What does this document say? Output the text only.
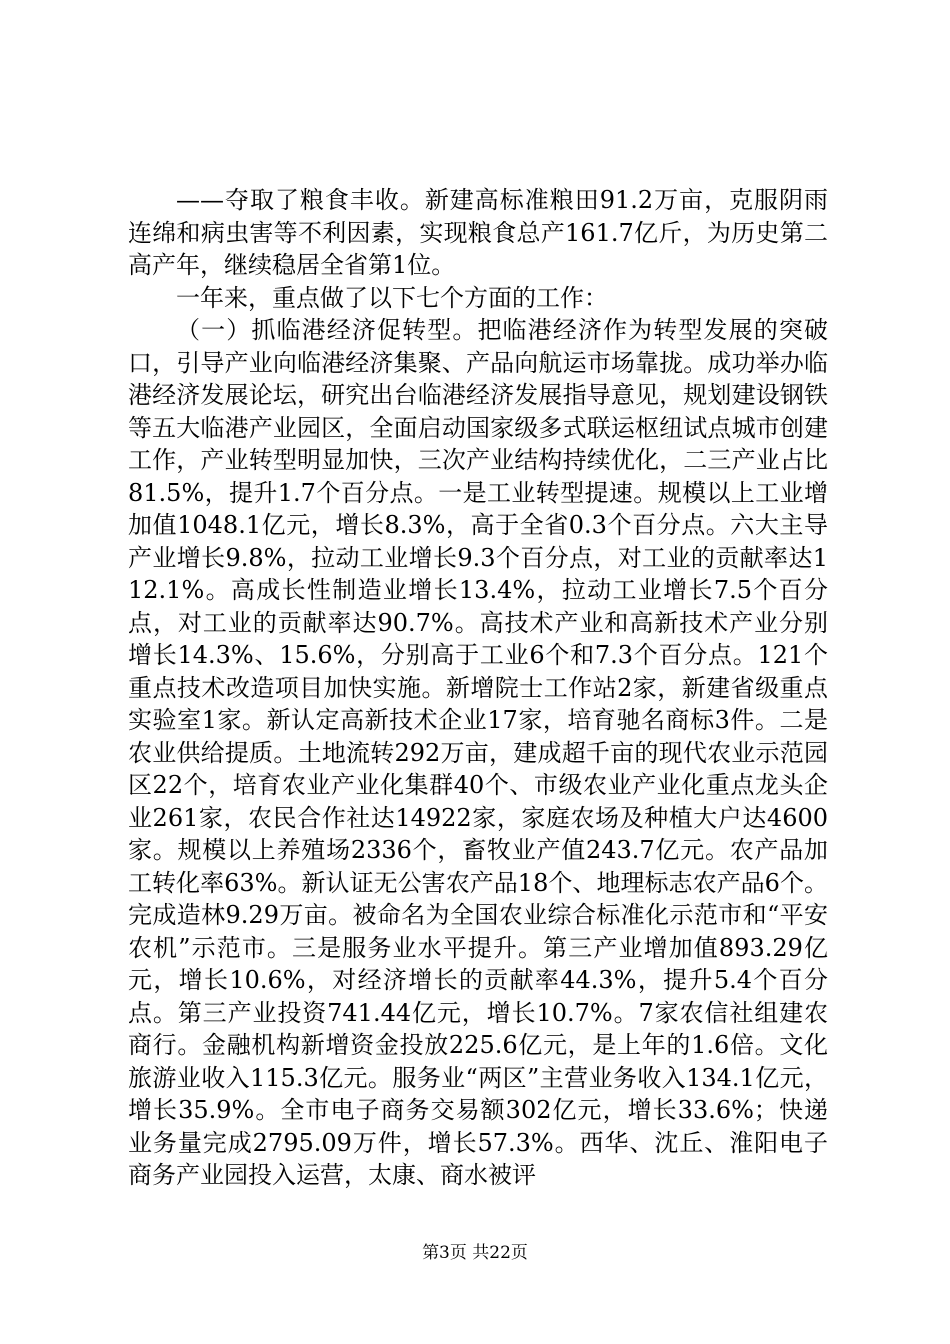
——夺取了粮食丰收。新建高标准粮田91.2万亩，克服阴雨连绵和病虫害等不利因素，实现粮食总产161.7亿斤，为历史第二高产年，继续稳居全省第1位。

一年来，重点做了以下七个方面的工作：

（一）抓临港经济促转型。把临港经济作为转型发展的突破口，引导产业向临港经济集聚、产品向航运市场靠拢。成功举办临港经济发展论坛，研究出台临港经济发展指导意见，规划建设钢铁等五大临港产业园区，全面启动国家级多式联运枢纽试点城市创建工作，产业转型明显加快，三次产业结构持续优化，二三产业占比81.5%，提升1.7个百分点。一是工业转型提速。规模以上工业增加值1048.1亿元，增长8.3%，高于全省0.3个百分点。六大主导产业增长9.8%，拉动工业增长9.3个百分点，对工业的贡献率达112.1%。高成长性制造业增长13.4%，拉动工业增长7.5个百分点，对工业的贡献率达90.7%。高技术产业和高新技术产业分别增长14.3%、15.6%，分别高于工业6个和7.3个百分点。121个重点技术改造项目加快实施。新增院士工作站2家，新建省级重点实验室1家。新认定高新技术企业17家，培育驰名商标3件。二是农业供给提质。土地流转292万亩，建成超千亩的现代农业示范园区22个，培育农业产业化集群40个、市级农业产业化重点龙头企业261家，农民合作社达14922家，家庭农场及种植大户达4600家。规模以上养殖场2336个，畜牧业产值243.7亿元。农产品加工转化率63%。新认证无公害农产品18个、地理标志农产品6个。完成造林9.29万亩。被命名为全国农业综合标准化示范市和“平安农机”示范市。三是服务业水平提升。第三产业增加值893.29亿元，增长10.6%，对经济增长的贡献率44.3%，提升5.4个百分点。第三产业投资741.44亿元，增长10.7%。7家农信社组建农商行。金融机构新增资金投放225.6亿元，是上年的1.6倍。文化旅游业收入115.3亿元。服务业“两区”主营业务收入134.1亿元，增长35.9%。全市电子商务交易额302亿元，增长33.6%；快递业务量完成2795.09万件，增长57.3%。西华、沈丘、淮阳电子商务产业园投入运营，太康、商水被评

第3页 共22页
